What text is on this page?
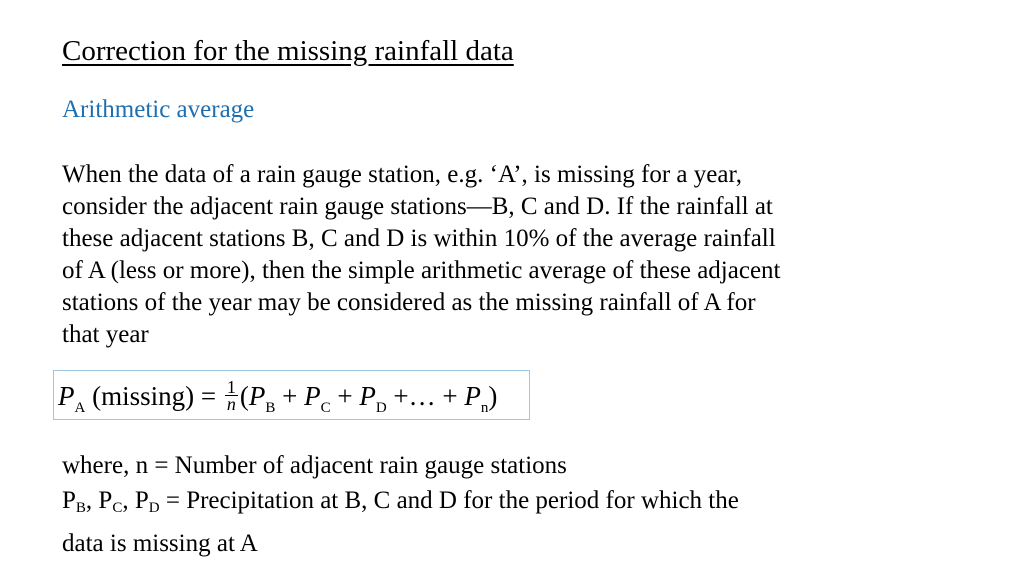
Correction for the missing rainfall data
Arithmetic average
When the data of a rain gauge station, e.g. ‘A’, is missing for a year,
consider the adjacent rain gauge stations—B, C and D. If the rainfall at
these adjacent stations B, C and D is within 10% of the average rainfall
of A (less or more), then the simple arithmetic average of these adjacent
stations of the year may be considered as the missing rainfall of A for
that year
$P_A$ $(missing) = \frac{1}{n} (P_B + P_C + P_D$ +… + $P_n$)
where, n = Number of adjacent rain gauge stations
$P_B$, $P_C$, $P_D$ = Precipitation at B, C and D for the period for which the
data is missing at A
